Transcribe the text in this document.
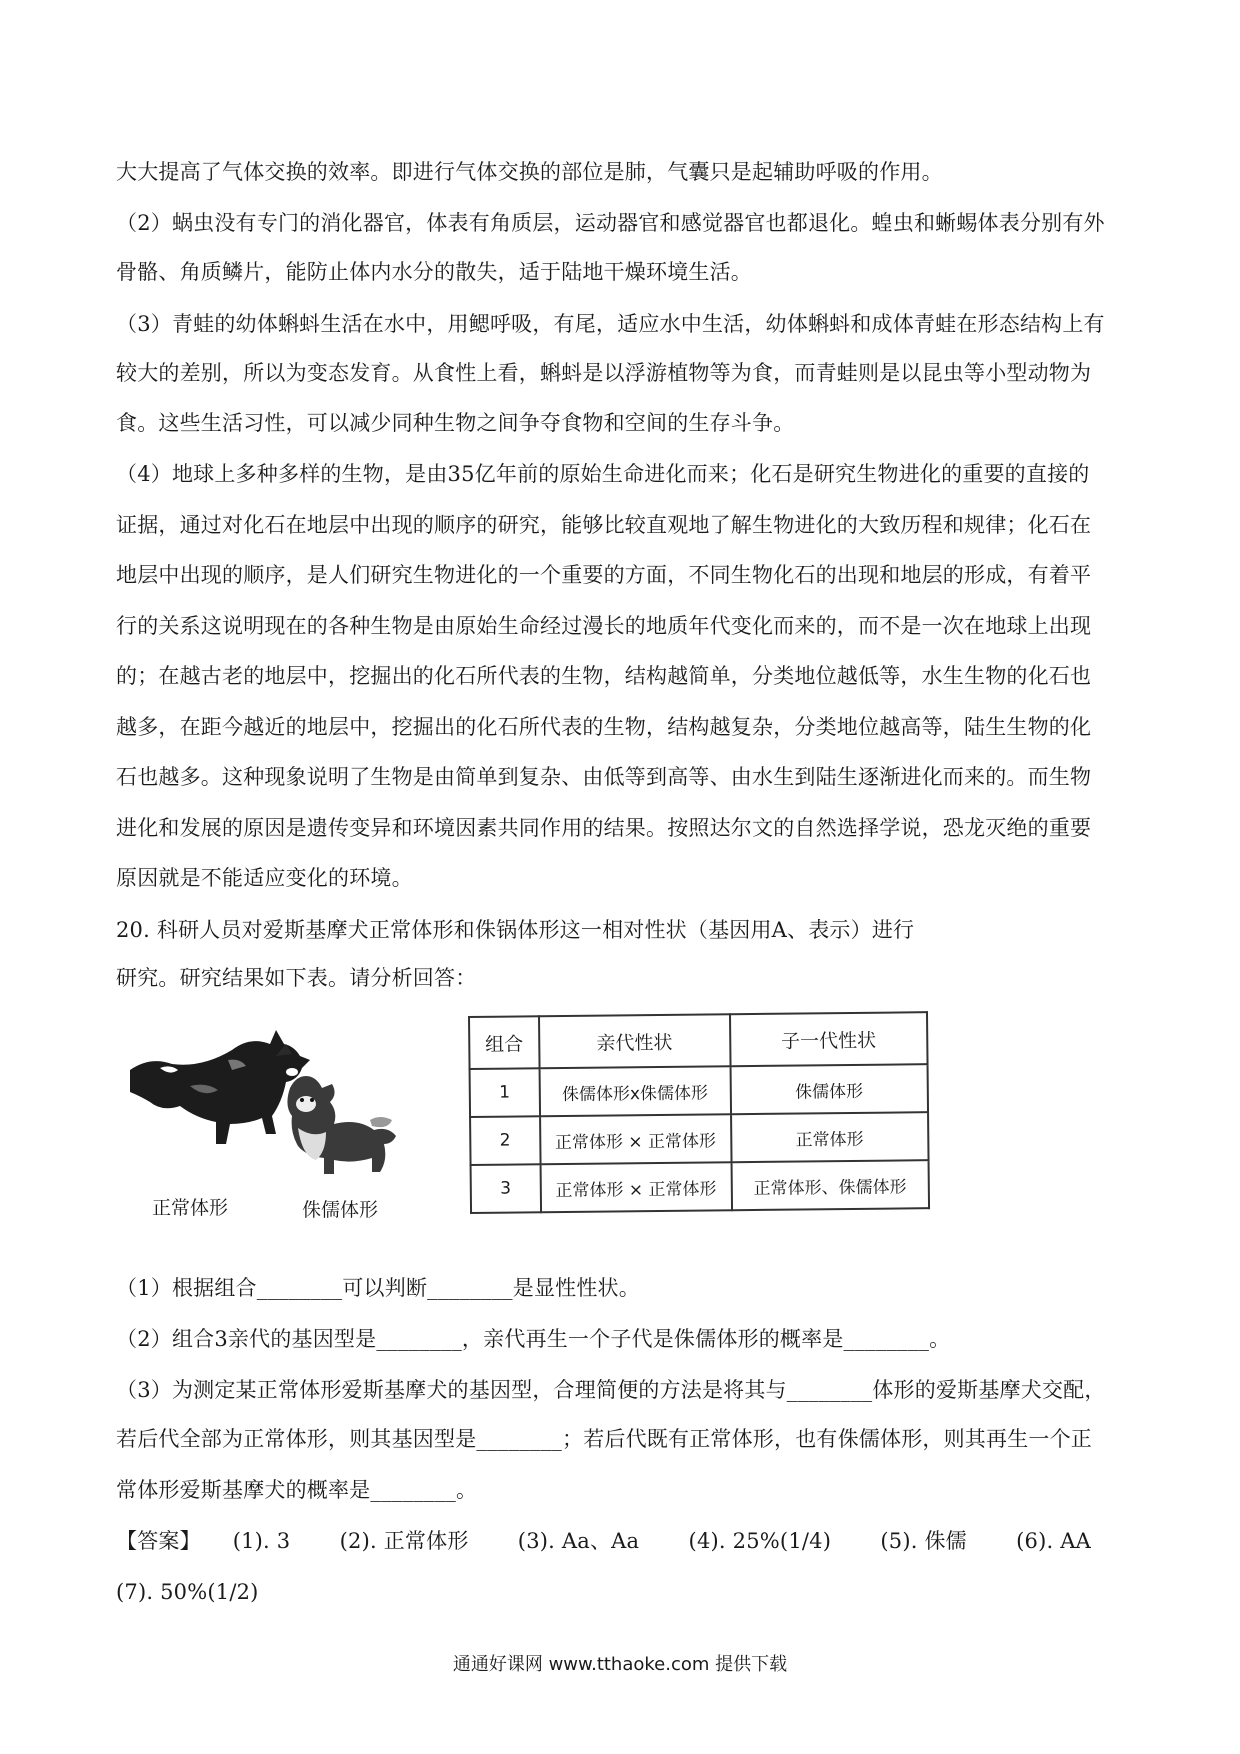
大大提高了气体交换的效率。即进行气体交换的部位是肺，气囊只是起辅助呼吸的作用。
（2）蜗虫没有专门的消化器官，体表有角质层，运动器官和感觉器官也都退化。蝗虫和蜥蜴体表分别有外
骨骼、角质鳞片，能防止体内水分的散失，适于陆地干燥环境生活。
（3）青蛙的幼体蝌蚪生活在水中，用鳃呼吸，有尾，适应水中生活，幼体蝌蚪和成体青蛙在形态结构上有
较大的差别，所以为变态发育。从食性上看，蝌蚪是以浮游植物等为食，而青蛙则是以昆虫等小型动物为
食。这些生活习性，可以减少同种生物之间争夺食物和空间的生存斗争。
（4）地球上多种多样的生物，是由35亿年前的原始生命进化而来；化石是研究生物进化的重要的直接的
证据，通过对化石在地层中出现的顺序的研究，能够比较直观地了解生物进化的大致历程和规律；化石在
地层中出现的顺序，是人们研究生物进化的一个重要的方面，不同生物化石的出现和地层的形成，有着平
行的关系这说明现在的各种生物是由原始生命经过漫长的地质年代变化而来的，而不是一次在地球上出现
的；在越古老的地层中，挖掘出的化石所代表的生物，结构越简单，分类地位越低等，水生生物的化石也
越多，在距今越近的地层中，挖掘出的化石所代表的生物，结构越复杂，分类地位越高等，陆生生物的化
石也越多。这种现象说明了生物是由简单到复杂、由低等到高等、由水生到陆生逐渐进化而来的。而生物
进化和发展的原因是遗传变异和环境因素共同作用的结果。按照达尔文的自然选择学说，恐龙灭绝的重要
原因就是不能适应变化的环境。
20. 科研人员对爱斯基摩犬正常体形和侏锅体形这一相对性状（基因用A、表示）进行
研究。研究结果如下表。请分析回答：
正常体形	侏儒体形
组合	亲代性状	子一代性状
1	侏儒体形x侏儒体形	侏儒体形
2	正常体形 × 正常体形	正常体形
3	正常体形 × 正常体形	正常体形、侏儒体形
（1）根据组合________可以判断________是显性性状。
（2）组合3亲代的基因型是________，亲代再生一个子代是侏儒体形的概率是________。
（3）为测定某正常体形爱斯基摩犬的基因型，合理简便的方法是将其与________体形的爱斯基摩犬交配，
若后代全部为正常体形，则其基因型是________；若后代既有正常体形，也有侏儒体形，则其再生一个正
常体形爱斯基摩犬的概率是________。
【答案】　　(1). 3　　 (2). 正常体形　　 (3). Aa、Aa　　 (4). 25%(1/4)　　 (5). 侏儒　　 (6). AA
(7). 50%(1/2)
通通好课网 www.tthaoke.com 提供下载
